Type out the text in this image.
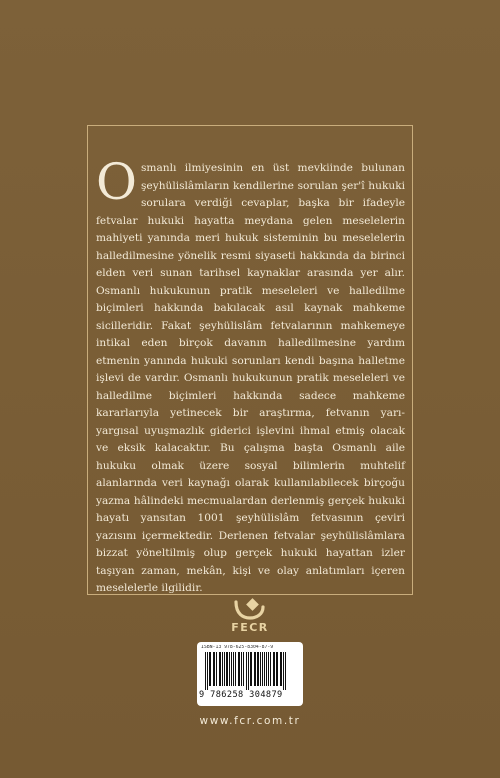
Osmanlı ilmiyesinin en üst mevkiinde bulunan şeyhülislâmların kendilerine sorulan şer'î hukuki sorulara verdiği cevaplar, başka bir ifadeyle fetvalar hukuki hayatta meydana gelen meselelerin mahiyeti yanında meri hukuk sisteminin bu meselelerin halledilmesine yönelik resmi siyaseti hakkında da birinci elden veri sunan tarihsel kaynaklar arasında yer alır. Osmanlı hukukunun pratik meseleleri ve halledilme biçimleri hakkında bakılacak asıl kaynak mahkeme sicilleridir. Fakat şeyhülislâm fetvalarının mahkemeye intikal eden birçok davanın halledilmesine yardım etmenin yanında hukuki sorunları kendi başına halletme işlevi de vardır. Osmanlı hukukunun pratik meseleleri ve halledilme biçimleri hakkında sadece mahkeme kararlarıyla yetinecek bir araştırma, fetvanın yarı-yargısal uyuşmazlık giderici işlevini ihmal etmiş olacak ve eksik kalacaktır. Bu çalışma başta Osmanlı aile hukuku olmak üzere sosyal bilimlerin muhtelif alanlarında veri kaynağı olarak kullanılabilecek birçoğu yazma hâlindeki mecmualardan derlenmiş gerçek hukuki hayatı yansıtan 1001 şeyhülislâm fetvasının çeviri yazısını içermektedir. Derlenen fetvalar şeyhülislâmlara bizzat yöneltilmiş olup gerçek hukuki hayattan izler taşıyan zaman, mekân, kişi ve olay anlatımları içeren meselelerle ilgilidir.
FECR
ISBN-13 978-625-8304-87-9
9 786258 304879
www.fcr.com.tr
